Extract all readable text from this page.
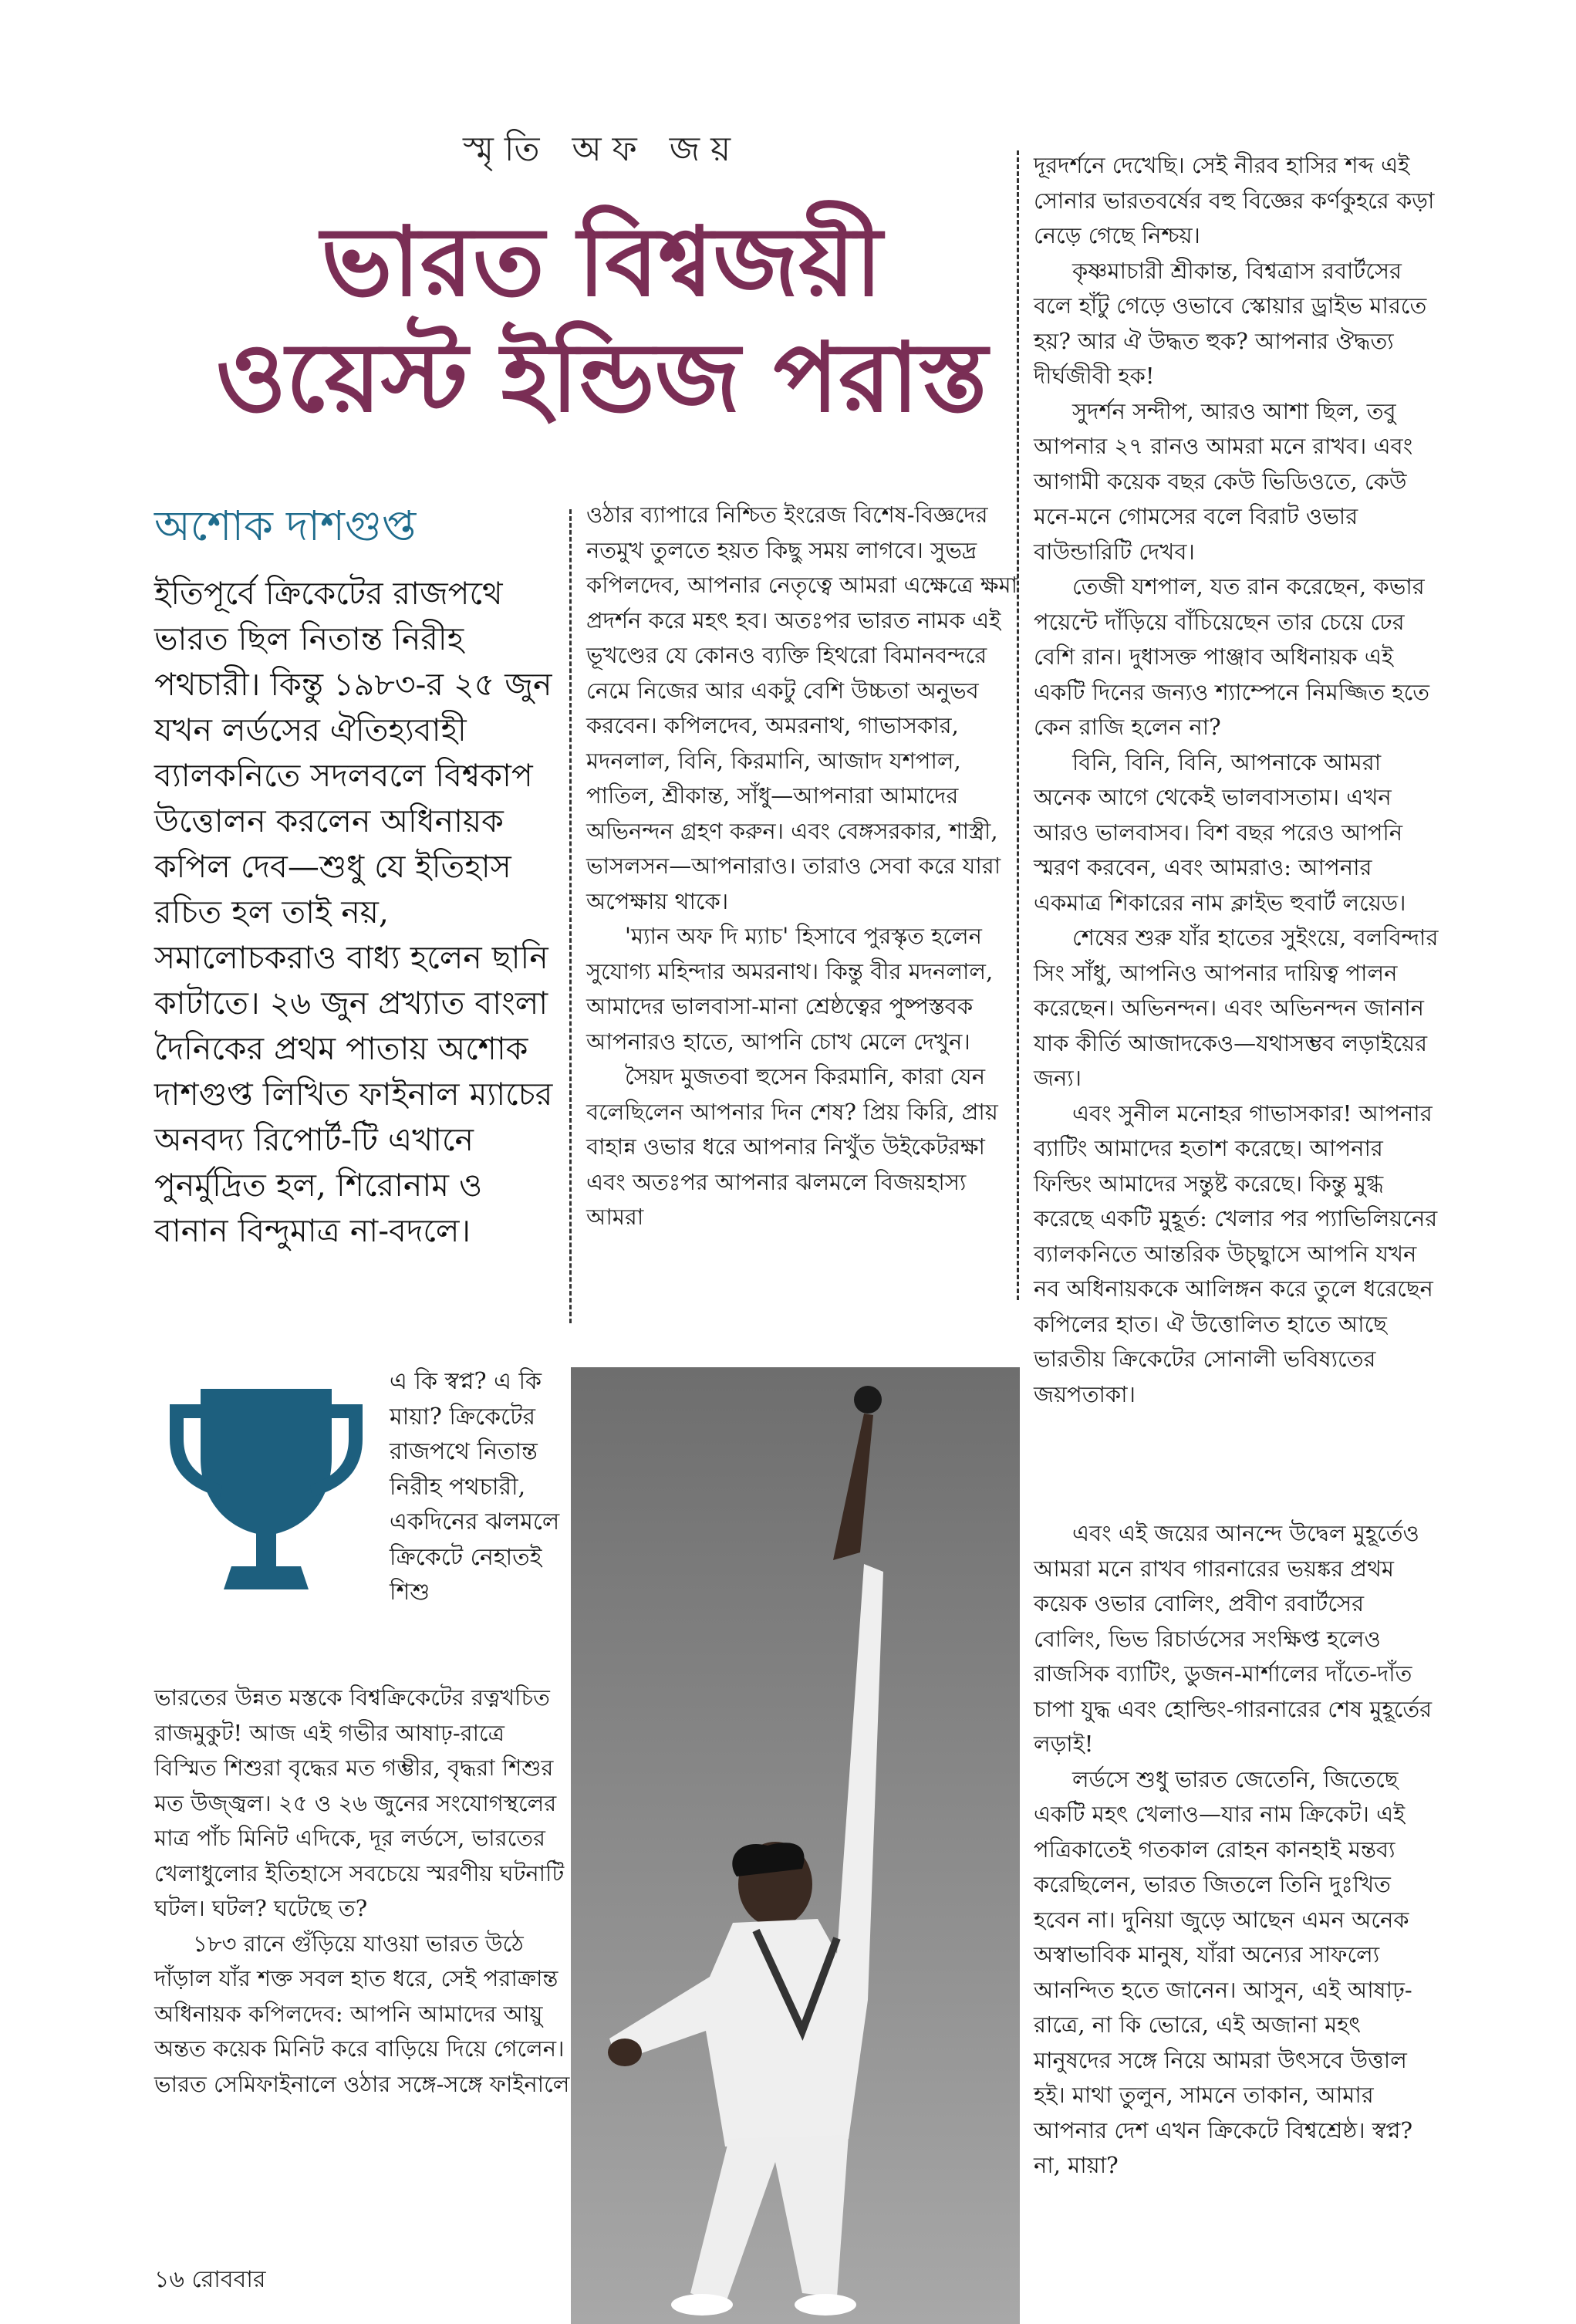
স্মৃতি অফ জয়
ভারত বিশ্বজয়ী
ওয়েস্ট ইন্ডিজ পরাস্ত
অশোক দাশগুপ্ত
ইতিপূর্বে ক্রিকেটের রাজপথে ভারত ছিল নিতান্ত নিরীহ পথচারী। কিন্তু ১৯৮৩-র ২৫ জুন যখন লর্ডসের ঐতিহ্যবাহী ব্যালকনিতে সদলবলে বিশ্বকাপ উত্তোলন করলেন অধিনায়ক কপিল দেব—শুধু যে ইতিহাস রচিত হল তাই নয়, সমালোচকরাও বাধ্য হলেন ছানি কাটাতে। ২৬ জুন প্রখ্যাত বাংলা দৈনিকের প্রথম পাতায় অশোক দাশগুপ্ত লিখিত ফাইনাল ম্যাচের অনবদ্য রিপোর্ট-টি এখানে পুনর্মুদ্রিত হল, শিরোনাম ও বানান বিন্দুমাত্র না-বদলে।

ওঠার ব্যাপারে নিশ্চিত ইংরেজ বিশেষ-বিজ্ঞদের নতমুখ তুলতে হয়ত কিছু সময় লাগবে। সুভদ্র কপিলদেব, আপনার নেতৃত্বে আমরা এক্ষেত্রে ক্ষমা প্রদর্শন করে মহৎ হব। অতঃপর ভারত নামক এই ভূখণ্ডের যে কোনও ব্যক্তি হিথরো বিমানবন্দরে নেমে নিজের আর একটু বেশি উচ্চতা অনুভব করবেন। কপিলদেব, অমরনাথ, গাভাসকার, মদনলাল, বিনি, কিরমানি, আজাদ যশপাল, পাতিল, শ্রীকান্ত, সাঁধু—আপনারা আমাদের অভিনন্দন গ্রহণ করুন। এবং বেঙ্গসরকার, শাস্ত্রী, ভাসলসন—আপনারাও। তারাও সেবা করে যারা অপেক্ষায় থাকে।

'ম্যান অফ দি ম্যাচ' হিসাবে পুরস্কৃত হলেন সুযোগ্য মহিন্দার অমরনাথ। কিন্তু বীর মদনলাল, আমাদের ভালবাসা-মানা শ্রেষ্ঠত্বের পুষ্পস্তবক আপনারও হাতে, আপনি চোখ মেলে দেখুন।

সৈয়দ মুজতবা হুসেন কিরমানি, কারা যেন বলেছিলেন আপনার দিন শেষ? প্রিয় কিরি, প্রায় বাহান্ন ওভার ধরে আপনার নিখুঁত উইকেটরক্ষা এবং অতঃপর আপনার ঝলমলে বিজয়হাস্য আমরা

দূরদর্শনে দেখেছি। সেই নীরব হাসির শব্দ এই সোনার ভারতবর্ষের বহু বিজ্ঞের কর্ণকুহরে কড়া নেড়ে গেছে নিশ্চয়।

কৃষ্ণমাচারী শ্রীকান্ত, বিশ্বত্রাস রবার্টসের বলে হাঁটু গেড়ে ওভাবে স্কোয়ার ড্রাইভ মারতে হয়? আর ঐ উদ্ধত হুক? আপনার ঔদ্ধত্য দীর্ঘজীবী হক!

সুদর্শন সন্দীপ, আরও আশা ছিল, তবু আপনার ২৭ রানও আমরা মনে রাখব। এবং আগামী কয়েক বছর কেউ ভিডিওতে, কেউ মনে-মনে গোমসের বলে বিরাট ওভার বাউন্ডারিটি দেখব।

তেজী যশপাল, যত রান করেছেন, কভার পয়েন্টে দাঁড়িয়ে বাঁচিয়েছেন তার চেয়ে ঢের বেশি রান। দুধাসক্ত পাঞ্জাব অধিনায়ক এই একটি দিনের জন্যও শ্যাম্পেনে নিমজ্জিত হতে কেন রাজি হলেন না?

বিনি, বিনি, বিনি, আপনাকে আমরা অনেক আগে থেকেই ভালবাসতাম। এখন আরও ভালবাসব। বিশ বছর পরেও আপনি স্মরণ করবেন, এবং আমরাও: আপনার একমাত্র শিকারের নাম ক্লাইভ হুবার্ট লয়েড।

শেষের শুরু যাঁর হাতের সুইংয়ে, বলবিন্দার সিং সাঁধু, আপনিও আপনার দায়িত্ব পালন করেছেন। অভিনন্দন। এবং অভিনন্দন জানান যাক কীর্তি আজাদকেও—যথাসম্ভব লড়াইয়ের জন্য।

এবং সুনীল মনোহর গাভাসকার! আপনার ব্যাটিং আমাদের হতাশ করেছে। আপনার ফিল্ডিং আমাদের সন্তুষ্ট করেছে। কিন্তু মুগ্ধ করেছে একটি মুহূর্ত: খেলার পর প্যাভিলিয়নের ব্যালকনিতে আন্তরিক উচ্ছ্বাসে আপনি যখন নব অধিনায়ককে আলিঙ্গন করে তুলে ধরেছেন কপিলের হাত। ঐ উত্তোলিত হাতে আছে ভারতীয় ক্রিকেটের সোনালী ভবিষ্যতের জয়পতাকা।

এবং এই জয়ের আনন্দে উদ্বেল মুহূর্তেও আমরা মনে রাখব গারনারের ভয়ঙ্কর প্রথম কয়েক ওভার বোলিং, প্রবীণ রবার্টসের বোলিং, ভিভ রিচার্ডসের সংক্ষিপ্ত হলেও রাজসিক ব্যাটিং, ডুজন-মার্শালের দাঁতে-দাঁত চাপা যুদ্ধ এবং হোল্ডিং-গারনারের শেষ মুহূর্তের লড়াই!

লর্ডসে শুধু ভারত জেতেনি, জিতেছে একটি মহৎ খেলাও—যার নাম ক্রিকেট। এই পত্রিকাতেই গতকাল রোহন কানহাই মন্তব্য করেছিলেন, ভারত জিতলে তিনি দুঃখিত হবেন না। দুনিয়া জুড়ে আছেন এমন অনেক অস্বাভাবিক মানুষ, যাঁরা অন্যের সাফল্যে আনন্দিত হতে জানেন। আসুন, এই আষাঢ়-রাত্রে, না কি ভোরে, এই অজানা মহৎ মানুষদের সঙ্গে নিয়ে আমরা উৎসবে উত্তাল হই। মাথা তুলুন, সামনে তাকান, আমার আপনার দেশ এখন ক্রিকেটে বিশ্বশ্রেষ্ঠ। স্বপ্ন? না, মায়া?

এ কি স্বপ্ন? এ কি মায়া? ক্রিকেটের রাজপথে নিতান্ত নিরীহ পথচারী, একদিনের ঝলমলে ক্রিকেটে নেহাতই শিশু

ভারতের উন্নত মস্তকে বিশ্বক্রিকেটের রত্নখচিত রাজমুকুট! আজ এই গভীর আষাঢ়-রাত্রে বিস্মিত শিশুরা বৃদ্ধের মত গম্ভীর, বৃদ্ধরা শিশুর মত উজ্জ্বল। ২৫ ও ২৬ জুনের সংযোগস্থলের মাত্র পাঁচ মিনিট এদিকে, দূর লর্ডসে, ভারতের খেলাধুলোর ইতিহাসে সবচেয়ে স্মরণীয় ঘটনাটি ঘটল। ঘটল? ঘটেছে ত?

১৮৩ রানে গুঁড়িয়ে যাওয়া ভারত উঠে দাঁড়াল যাঁর শক্ত সবল হাত ধরে, সেই পরাক্রান্ত অধিনায়ক কপিলদেব: আপনি আমাদের আয়ু অন্তত কয়েক মিনিট করে বাড়িয়ে দিয়ে গেলেন। ভারত সেমিফাইনালে ওঠার সঙ্গে-সঙ্গে ফাইনালে

১৬ রোববার
